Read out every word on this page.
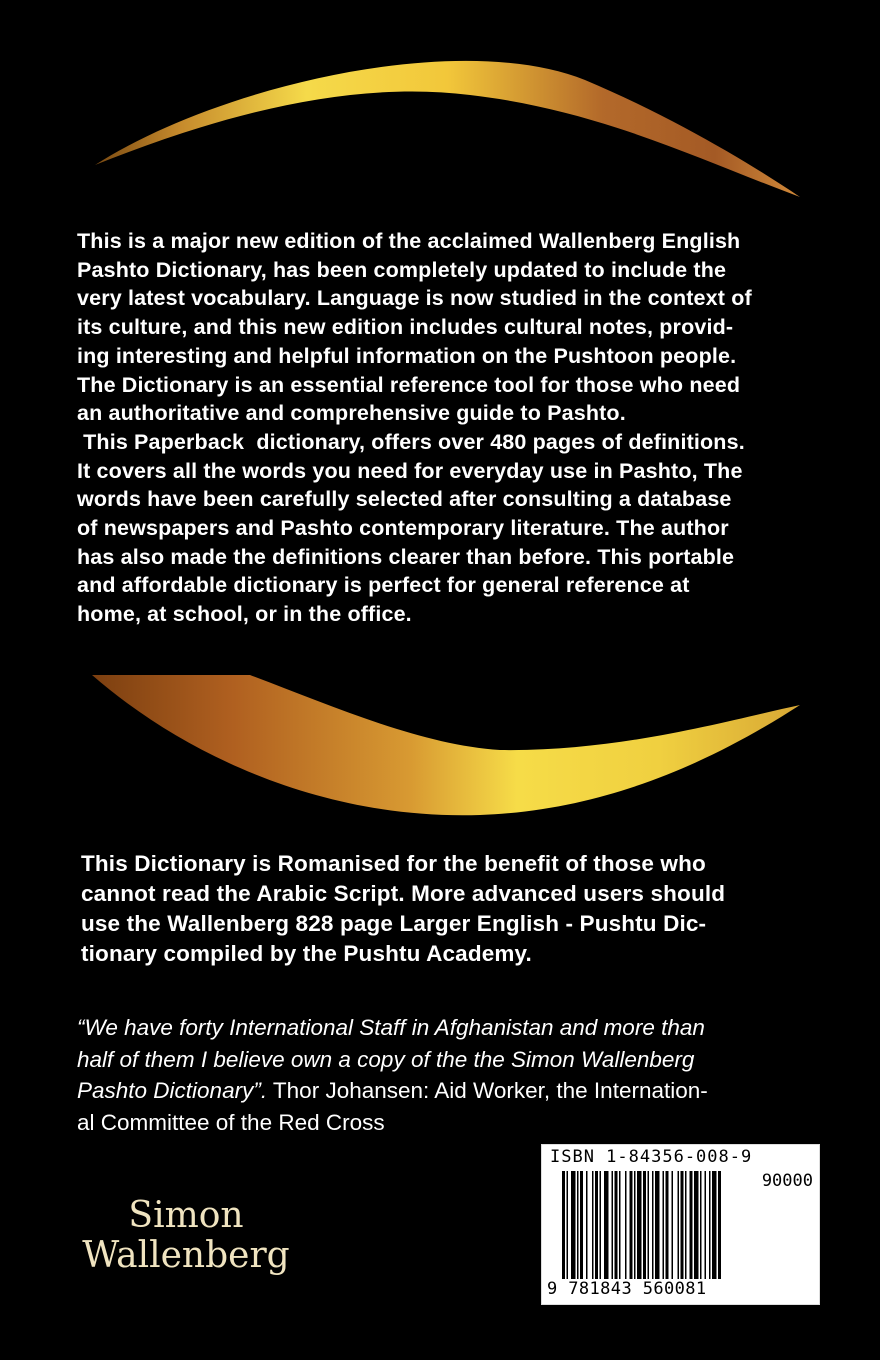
This is a major new edition of the acclaimed Wallenberg English
Pashto Dictionary, has been completely updated to include the
very latest vocabulary. Language is now studied in the context of
its culture, and this new edition includes cultural notes, provid-
ing interesting and helpful information on the Pushtoon people.
The Dictionary is an essential reference tool for those who need
an authoritative and comprehensive guide to Pashto.
This Paperback  dictionary, offers over 480 pages of definitions.
It covers all the words you need for everyday use in Pashto, The
words have been carefully selected after consulting a database
of newspapers and Pashto contemporary literature. The author
has also made the definitions clearer than before. This portable
and affordable dictionary is perfect for general reference at
home, at school, or in the office.

This Dictionary is Romanised for the benefit of those who
cannot read the Arabic Script. More advanced users should
use the Wallenberg 828 page Larger English - Pushtu Dic-
tionary compiled by the Pushtu Academy.

“We have forty International Staff in Afghanistan and more than
half of them I believe own a copy of the the Simon Wallenberg
Pashto Dictionary”. Thor Johansen: Aid Worker, the Internation-
al Committee of the Red Cross

Simon
Wallenberg

ISBN 1-84356-008-9

90000

9 781843 560081
